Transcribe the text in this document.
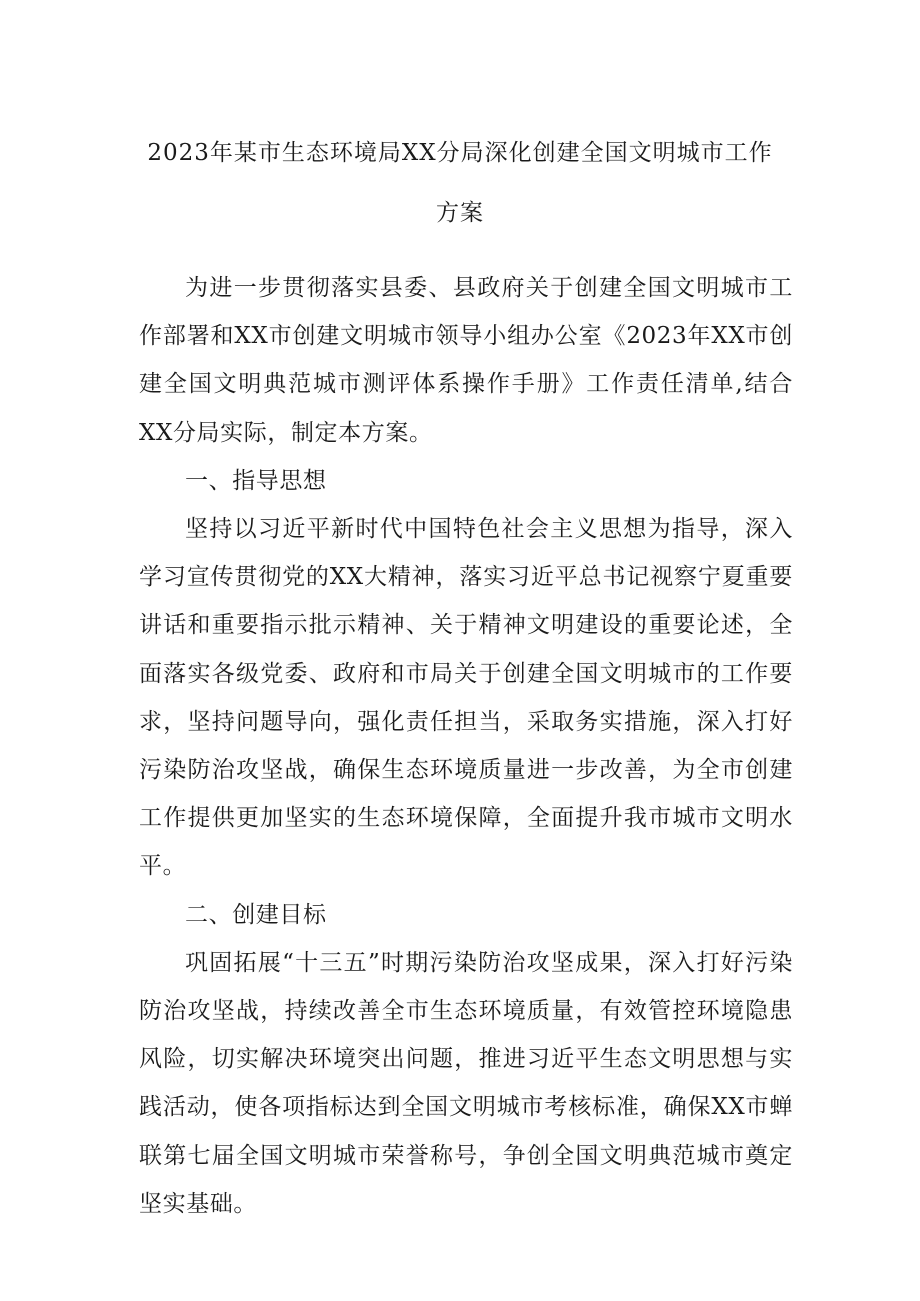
2023年某市生态环境局XX分局深化创建全国文明城市工作
方案

为进一步贯彻落实县委、县政府关于创建全国文明城市工作部署和XX市创建文明城市领导小组办公室《2023年XX市创建全国文明典范城市测评体系操作手册》工作责任清单,结合XX分局实际，制定本方案。

一、指导思想

坚持以习近平新时代中国特色社会主义思想为指导，深入学习宣传贯彻党的XX大精神，落实习近平总书记视察宁夏重要讲话和重要指示批示精神、关于精神文明建设的重要论述，全面落实各级党委、政府和市局关于创建全国文明城市的工作要求，坚持问题导向，强化责任担当，采取务实措施，深入打好污染防治攻坚战，确保生态环境质量进一步改善，为全市创建工作提供更加坚实的生态环境保障，全面提升我市城市文明水平。

二、创建目标

巩固拓展“十三五”时期污染防治攻坚成果，深入打好污染防治攻坚战，持续改善全市生态环境质量，有效管控环境隐患风险，切实解决环境突出问题，推进习近平生态文明思想与实践活动，使各项指标达到全国文明城市考核标准，确保XX市蝉联第七届全国文明城市荣誉称号，争创全国文明典范城市奠定坚实基础。
